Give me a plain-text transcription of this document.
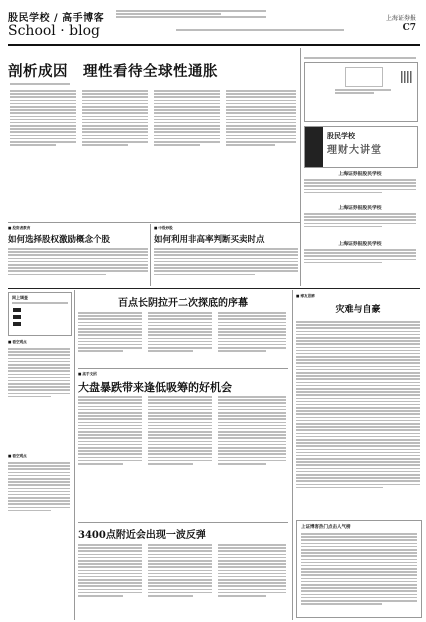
股民学校 / 高手博客
School · blog
上海证券报
C7
剖析成因　理性看待全球性通胀
股民学校
理财大讲堂
上海证券报股民学校
上海证券报股民学校
上海证券报股民学校
■ 投资者教育
如何选择股权激励概念个股
■ 中级炒股
如何利用非高率判断买卖时点
网上调查
■ 看空观点
■ 看空观点
百点长阴拉开二次探底的序幕
■ 高手支招
大盘暴跌带来逢低吸筹的好机会
3400点附近会出现一波反弹
■ 博友思辨
灾难与自豪
上证博客热门点击人气榜
